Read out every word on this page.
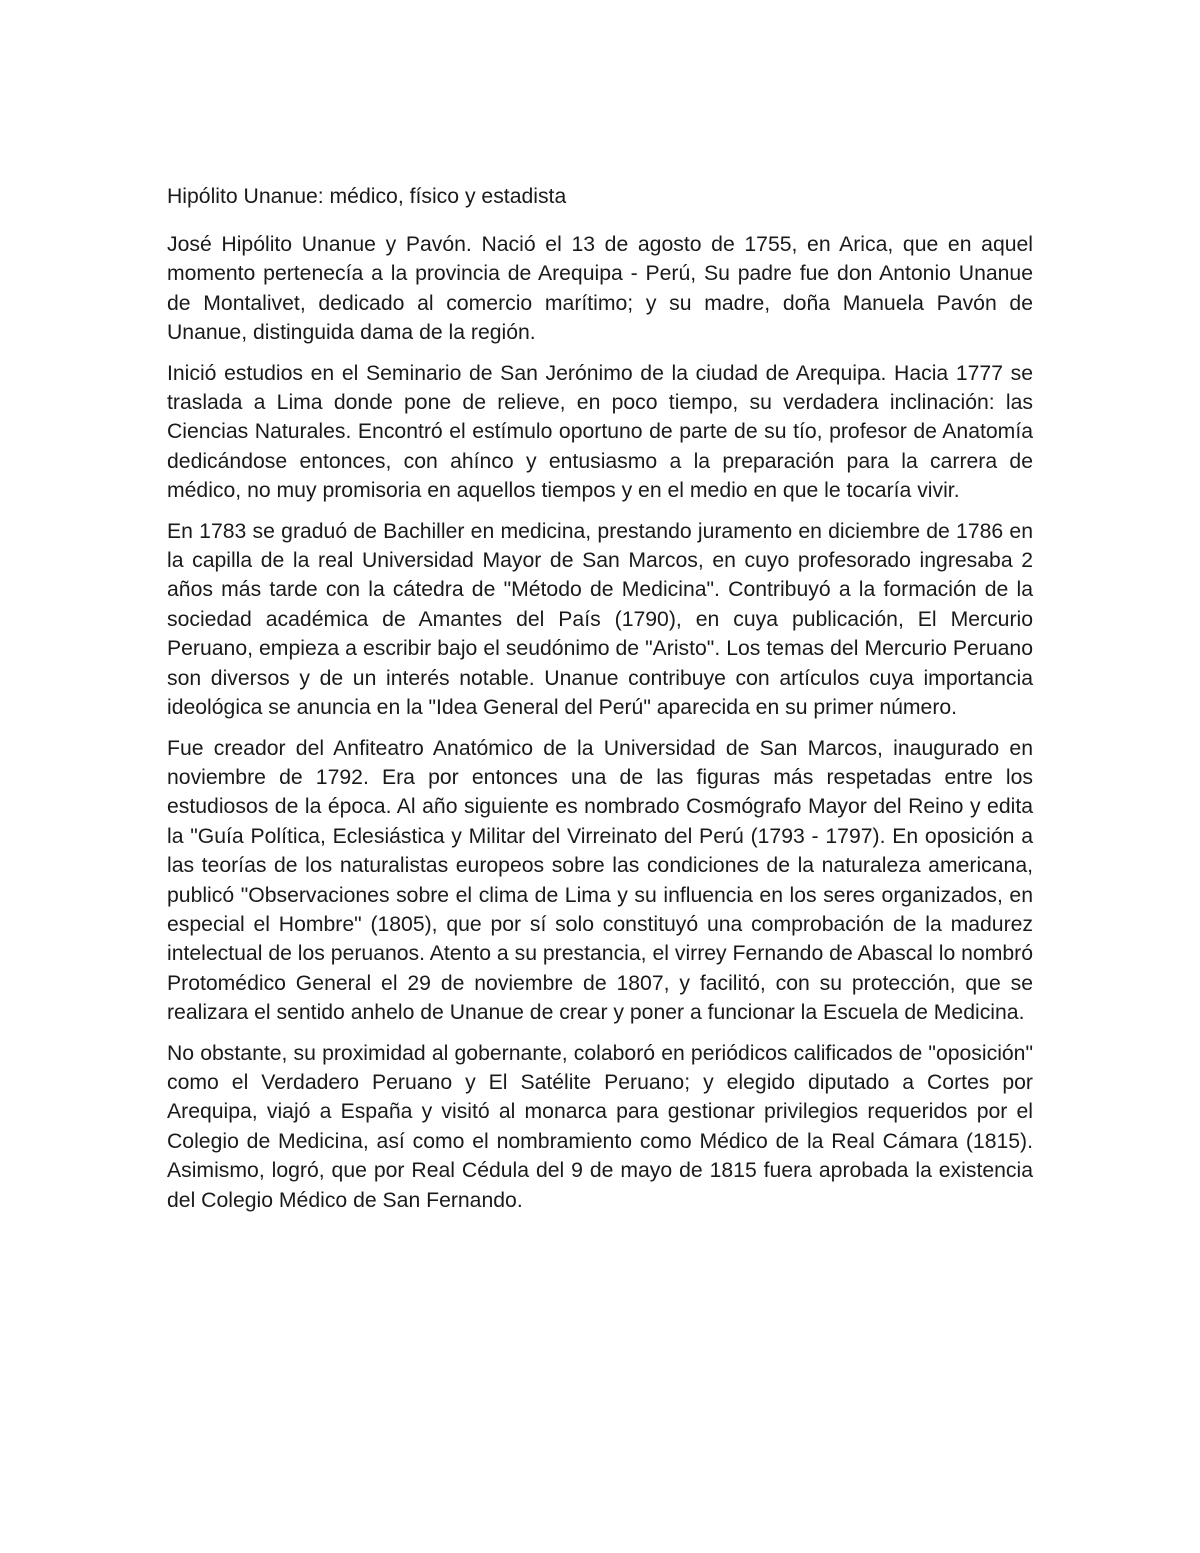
Hipólito Unanue: médico, físico y estadista

José Hipólito Unanue y Pavón. Nació el 13 de agosto de 1755, en Arica, que en aquel momento pertenecía a la provincia de Arequipa - Perú, Su padre fue don Antonio Unanue de Montalivet, dedicado al comercio marítimo; y su madre, doña Manuela Pavón de Unanue, distinguida dama de la región.

Inició estudios en el Seminario de San Jerónimo de la ciudad de Arequipa. Hacia 1777 se traslada a Lima donde pone de relieve, en poco tiempo, su verdadera inclinación: las Ciencias Naturales. Encontró el estímulo oportuno de parte de su tío, profesor de Anatomía dedicándose entonces, con ahínco y entusiasmo a la preparación para la carrera de médico, no muy promisoria en aquellos tiempos y en el medio en que le tocaría vivir.

En 1783 se graduó de Bachiller en medicina, prestando juramento en diciembre de 1786 en la capilla de la real Universidad Mayor de San Marcos, en cuyo profesorado ingresaba 2 años más tarde con la cátedra de "Método de Medicina". Contribuyó a la formación de la sociedad académica de Amantes del País (1790), en cuya publicación, El Mercurio Peruano, empieza a escribir bajo el seudónimo de "Aristo". Los temas del Mercurio Peruano son diversos y de un interés notable. Unanue contribuye con artículos cuya importancia ideológica se anuncia en la "Idea General del Perú" aparecida en su primer número.

Fue creador del Anfiteatro Anatómico de la Universidad de San Marcos, inaugurado en noviembre de 1792. Era por entonces una de las figuras más respetadas entre los estudiosos de la época. Al año siguiente es nombrado Cosmógrafo Mayor del Reino y edita la "Guía Política, Eclesiástica y Militar del Virreinato del Perú (1793 - 1797). En oposición a las teorías de los naturalistas europeos sobre las condiciones de la naturaleza americana, publicó "Observaciones sobre el clima de Lima y su influencia en los seres organizados, en especial el Hombre" (1805), que por sí solo constituyó una comprobación de la madurez intelectual de los peruanos. Atento a su prestancia, el virrey Fernando de Abascal lo nombró Protomédico General el 29 de noviembre de 1807, y facilitó, con su protección, que se realizara el sentido anhelo de Unanue de crear y poner a funcionar la Escuela de Medicina.

No obstante, su proximidad al gobernante, colaboró en periódicos calificados de "oposición" como el Verdadero Peruano y El Satélite Peruano; y elegido diputado a Cortes por Arequipa, viajó a España y visitó al monarca para gestionar privilegios requeridos por el Colegio de Medicina, así como el nombramiento como Médico de la Real Cámara (1815). Asimismo, logró, que por Real Cédula del 9 de mayo de 1815 fuera aprobada la existencia del Colegio Médico de San Fernando.
